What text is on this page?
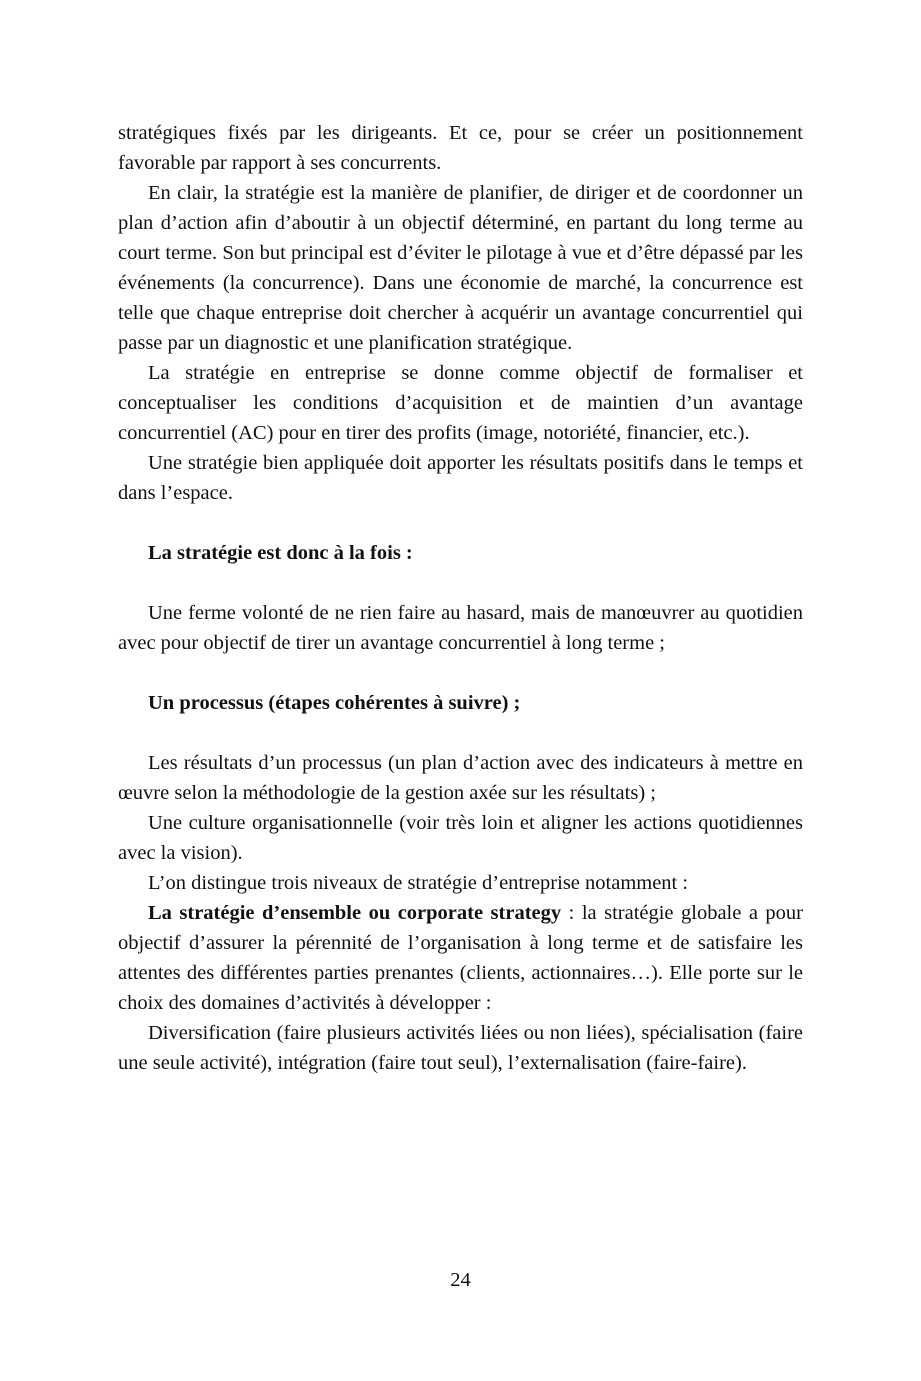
stratégiques fixés par les dirigeants. Et ce, pour se créer un positionnement favorable par rapport à ses concurrents.

En clair, la stratégie est la manière de planifier, de diriger et de coordonner un plan d’action afin d’aboutir à un objectif déterminé, en partant du long terme au court terme. Son but principal est d’éviter le pilotage à vue et d’être dépassé par les événements (la concurrence). Dans une économie de marché, la concurrence est telle que chaque entreprise doit chercher à acquérir un avantage concurrentiel qui passe par un diagnostic et une planification stratégique.

La stratégie en entreprise se donne comme objectif de formaliser et conceptualiser les conditions d’acquisition et de maintien d’un avantage concurrentiel (AC) pour en tirer des profits (image, notoriété, financier, etc.).

Une stratégie bien appliquée doit apporter les résultats positifs dans le temps et dans l’espace.

La stratégie est donc à la fois :

Une ferme volonté de ne rien faire au hasard, mais de manœuvrer au quotidien avec pour objectif de tirer un avantage concurrentiel à long terme ;

Un processus (étapes cohérentes à suivre) ;

Les résultats d’un processus (un plan d’action avec des indicateurs à mettre en œuvre selon la méthodologie de la gestion axée sur les résultats) ;

Une culture organisationnelle (voir très loin et aligner les actions quotidiennes avec la vision).

L’on distingue trois niveaux de stratégie d’entreprise notamment :

La stratégie d’ensemble ou corporate strategy : la stratégie globale a pour objectif d’assurer la pérennité de l’organisation à long terme et de satisfaire les attentes des différentes parties prenantes (clients, actionnaires…). Elle porte sur le choix des domaines d’activités à développer :

Diversification (faire plusieurs activités liées ou non liées), spécialisation (faire une seule activité), intégration (faire tout seul), l’externalisation (faire-faire).

24
